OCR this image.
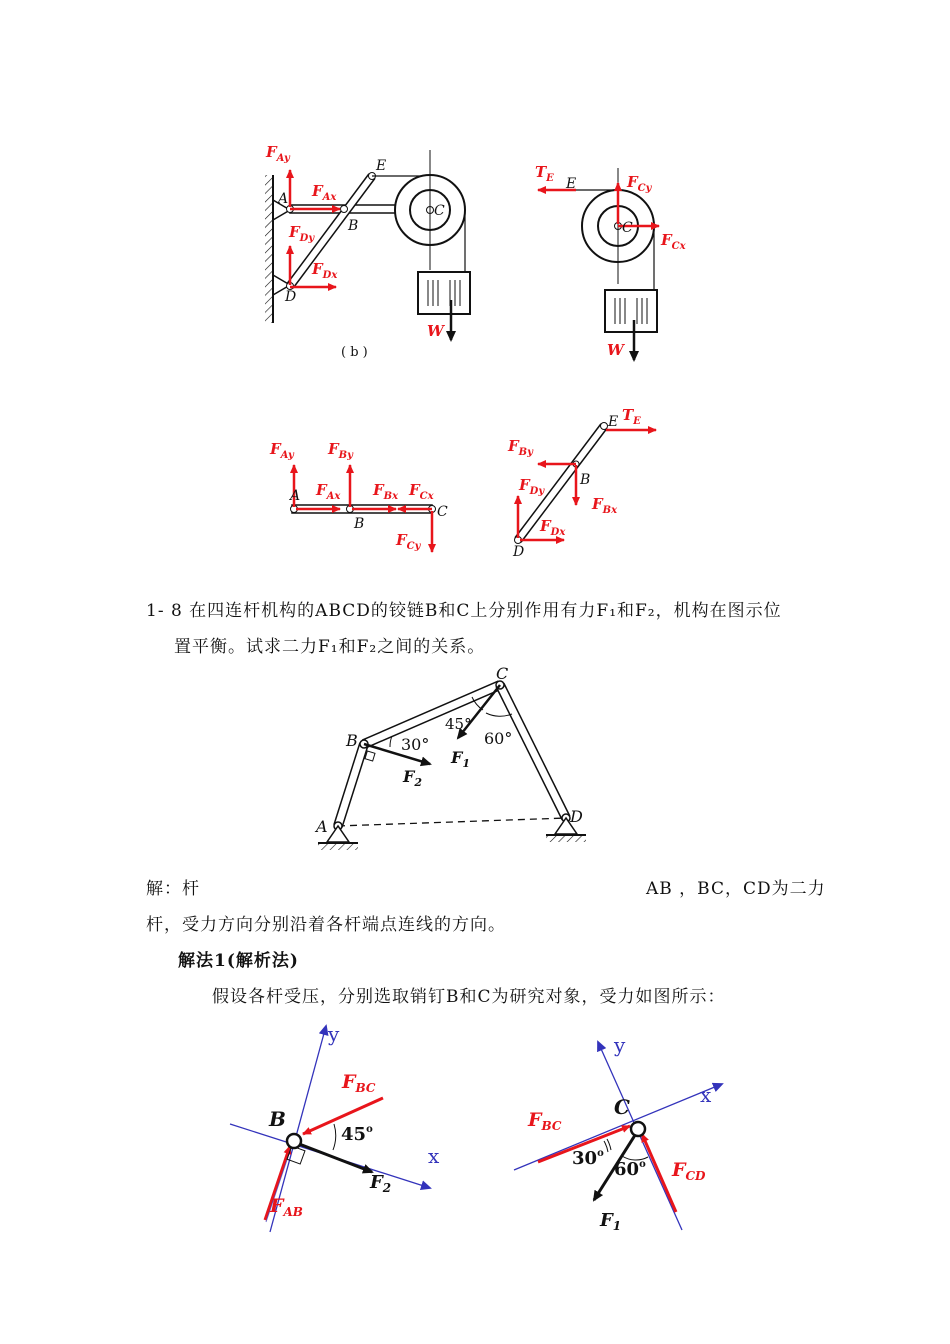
$F_{Ay}$
$F_{Ax}$
$F_{Dy}$
$F_{Dx}$
E
B
C
D
A
W
( b )
$T_E$ E	$F_{Cy}$
$F_{Cx}$
C
W
$F_{Ay}$ $F_{By}$
$F_{Ax}$ $F_{Bx}$ $F_{Cx}$
$F_{Cy}$
A
B
C
E $T_E$
$F_{By}$
B
$F_{Dy}$
$F_{Bx}$
$F_{Dx}$
D
A
B
C
D
30°
45°
60°
$F_2$
$F_1$
y
x
B
$F_{BC}$
45$^o$
$F_2$
$F_{AB}$
y
x
C
$F_{BC}$
30$^o$
60$^o$ $F_{CD}$
$F_1$
1- 8 在四连杆机构的ABCD的铰链B和C上分别作用有力F₁和F₂，机构在图示位
置平衡。试求二力F₁和F₂之间的关系。
解：杆	AB ，BC，CD为二力
杆，受力方向分别沿着各杆端点连线的方向。
解法1(解析法)
假设各杆受压，分别选取销钉B和C为研究对象，受力如图所示：
